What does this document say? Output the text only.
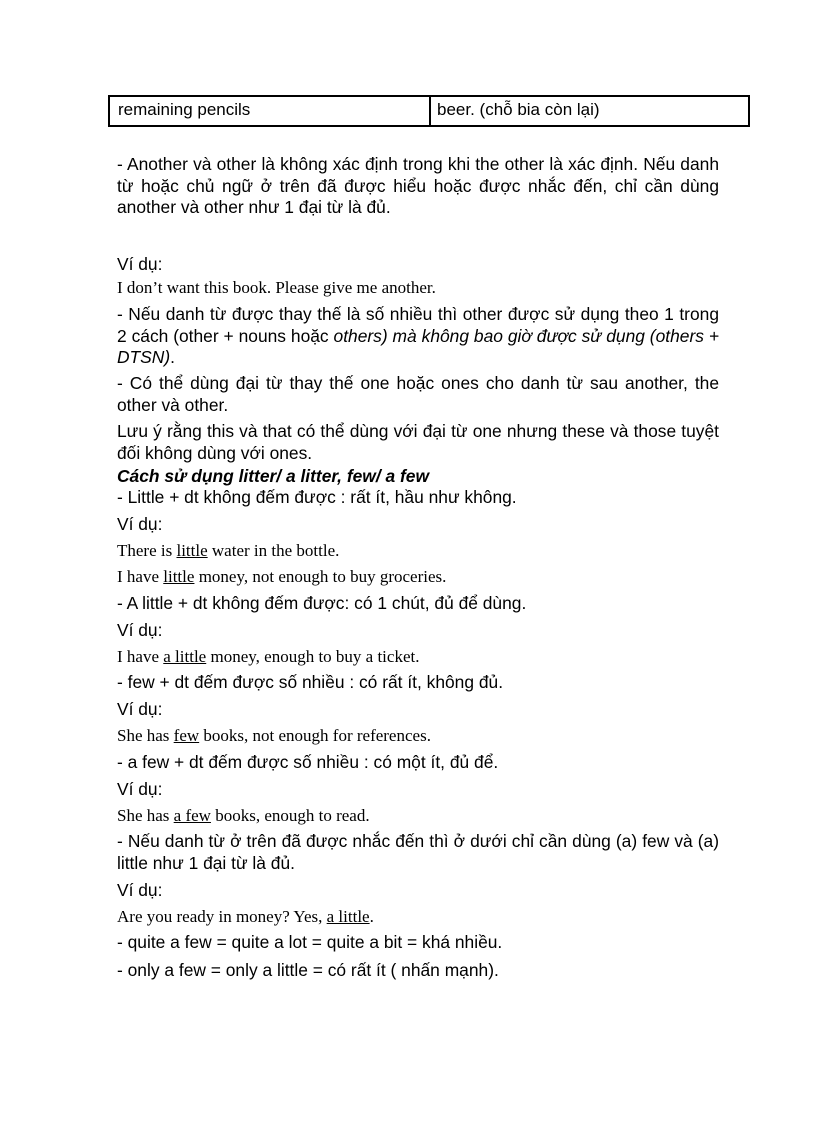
remaining pencils	beer. (chỗ bia còn lại)

- Another và other là không xác định trong khi the other là xác định. Nếu danh từ hoặc chủ ngữ ở trên đã được hiểu hoặc được nhắc đến, chỉ cần dùng another và other như 1 đại từ là đủ.

Ví dụ:

I don’t want this book. Please give me another.

- Nếu danh từ được thay thế là số nhiều thì other được sử dụng theo 1 trong 2 cách (other + nouns hoặc others) mà không bao giờ được sử dụng (others + DTSN).

- Có thể dùng đại từ thay thế one hoặc ones cho danh từ sau another, the other và other.

Lưu ý rằng this và that có thể dùng với đại từ one nhưng these và those tuyệt đối không dùng với ones.

Cách sử dụng litter/ a litter, few/ a few

- Little + dt không đếm được : rất ít, hầu như không.

Ví dụ:

There is little water in the bottle.

I have little money, not enough to buy groceries.

- A little + dt không đếm được: có 1 chút, đủ để dùng.

Ví dụ:

I have a little money, enough to buy a ticket.

- few + dt đếm được số nhiều : có rất ít, không đủ.

Ví dụ:

She has few books, not enough for references.

- a few + dt đếm được số nhiều : có một ít, đủ để.

Ví dụ:

She has a few books, enough to read.

- Nếu danh từ ở trên đã được nhắc đến thì ở dưới chỉ cần dùng (a) few và (a) little như 1 đại từ là đủ.

Ví dụ:

Are you ready in money? Yes, a little.

- quite a few = quite a lot = quite a bit = khá nhiều.

- only a few = only a little = có rất ít ( nhấn mạnh).
